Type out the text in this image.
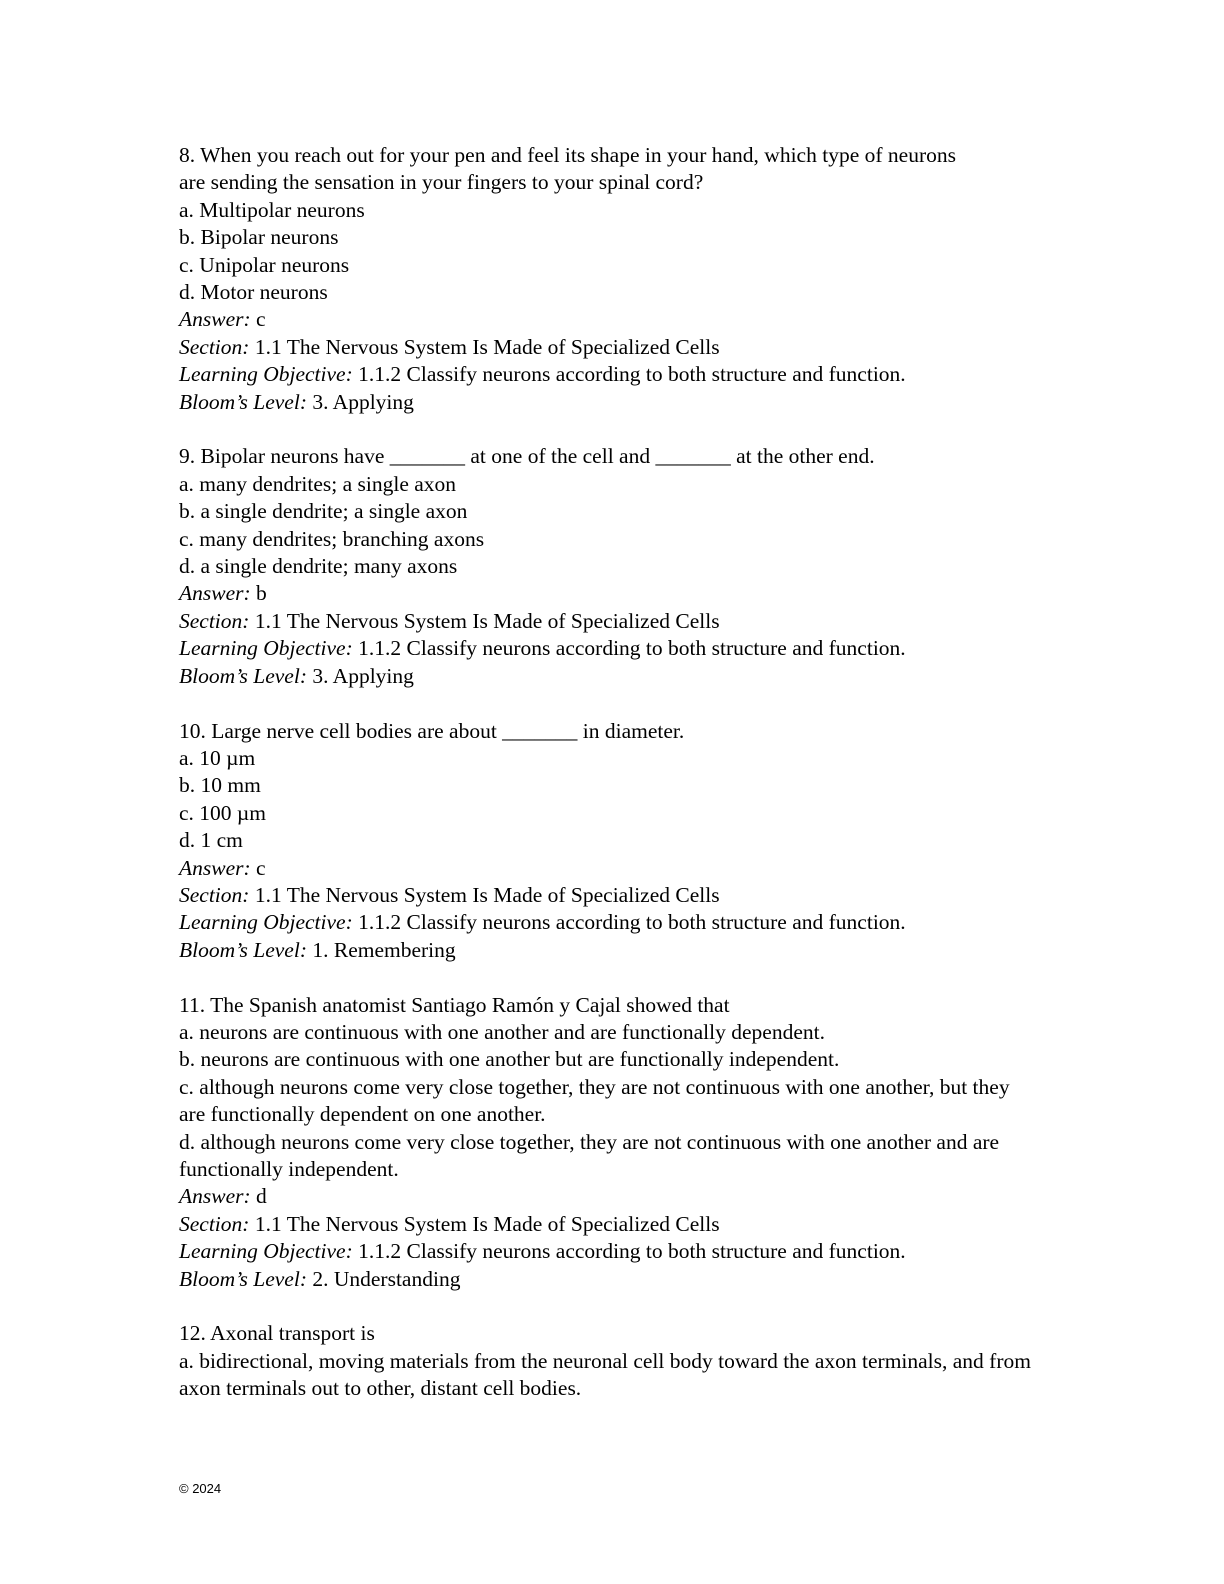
8. When you reach out for your pen and feel its shape in your hand, which type of neurons are sending the sensation in your fingers to your spinal cord?
a. Multipolar neurons
b. Bipolar neurons
c. Unipolar neurons
d. Motor neurons
Answer: c
Section: 1.1 The Nervous System Is Made of Specialized Cells
Learning Objective: 1.1.2 Classify neurons according to both structure and function.
Bloom’s Level: 3. Applying
9. Bipolar neurons have _______ at one of the cell and _______ at the other end.
a. many dendrites; a single axon
b. a single dendrite; a single axon
c. many dendrites; branching axons
d. a single dendrite; many axons
Answer: b
Section: 1.1 The Nervous System Is Made of Specialized Cells
Learning Objective: 1.1.2 Classify neurons according to both structure and function.
Bloom’s Level: 3. Applying
10. Large nerve cell bodies are about _______ in diameter.
a. 10 µm
b. 10 mm
c. 100 µm
d. 1 cm
Answer: c
Section: 1.1 The Nervous System Is Made of Specialized Cells
Learning Objective: 1.1.2 Classify neurons according to both structure and function.
Bloom’s Level: 1. Remembering
11. The Spanish anatomist Santiago Ramón y Cajal showed that
a. neurons are continuous with one another and are functionally dependent.
b. neurons are continuous with one another but are functionally independent.
c. although neurons come very close together, they are not continuous with one another, but they are functionally dependent on one another.
d. although neurons come very close together, they are not continuous with one another and are functionally independent.
Answer: d
Section: 1.1 The Nervous System Is Made of Specialized Cells
Learning Objective: 1.1.2 Classify neurons according to both structure and function.
Bloom’s Level: 2. Understanding
12. Axonal transport is
a. bidirectional, moving materials from the neuronal cell body toward the axon terminals, and from axon terminals out to other, distant cell bodies.
© 2024
